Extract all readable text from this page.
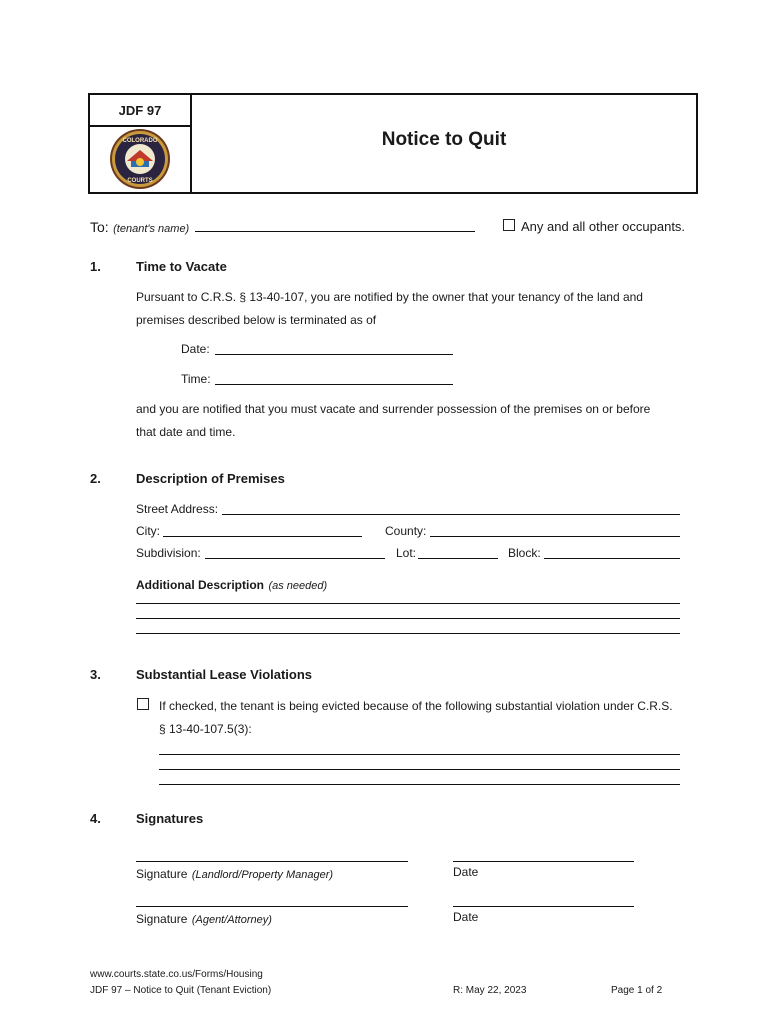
JDF 97
COLORADO
COURTS
Notice to Quit
To: (tenant's name)	Any and all other occupants.
1.	Time to Vacate
Pursuant to C.R.S. § 13-40-107, you are notified by the owner that your tenancy of the land and
premises described below is terminated as of
Date:
Time:
and you are notified that you must vacate and surrender possession of the premises on or before
that date and time.
2.	Description of Premises
Street Address:
City:	County:
Subdivision:	Lot:	Block:
Additional Description (as needed)
3.	Substantial Lease Violations
If checked, the tenant is being evicted because of the following substantial violation under C.R.S.
§ 13-40-107.5(3):
4.	Signatures
Signature (Landlord/Property Manager)	Date
Signature (Agent/Attorney)	Date
www.courts.state.co.us/Forms/Housing
JDF 97 – Notice to Quit (Tenant Eviction)	R: May 22, 2023	Page 1 of 2
